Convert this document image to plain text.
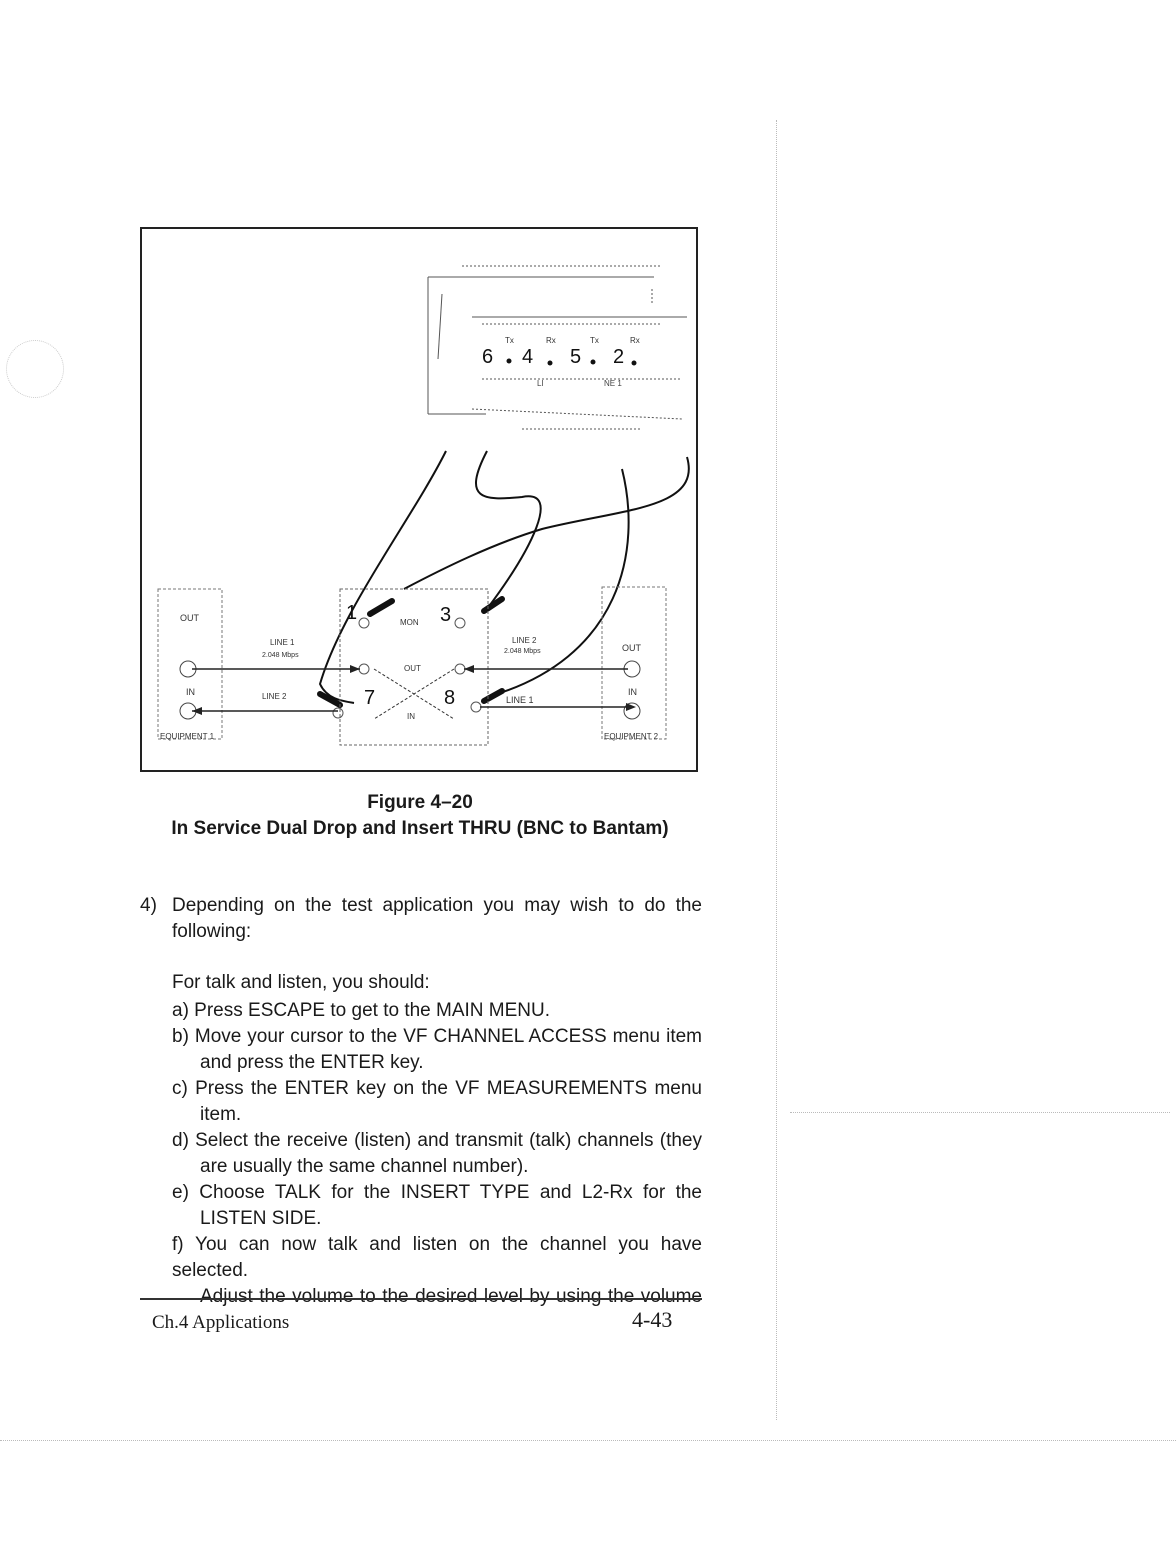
Tx	Rx	Tx	Rx
6 4 5 2
LI	NE 1
1	3
MON
OUT
7	8
IN
OUT
IN
EQUIPMENT 1
OUT
IN
EQUIPMENT 2
LINE 1
2.048 Mbps
LINE 2
LINE 2
2.048 Mbps
LINE 1
Figure 4–20
In Service Dual Drop and Insert THRU (BNC to Bantam)
4) Depending on the test application you may wish to do the
following:
For talk and listen, you should:
a) Press ESCAPE to get to the MAIN MENU.
b) Move your cursor to the VF CHANNEL ACCESS menu item
and press the ENTER key.
c) Press the ENTER key on the VF MEASUREMENTS menu
item.
d) Select the receive (listen) and transmit (talk) channels (they
are usually the same channel number).
e) Choose TALK for the INSERT TYPE and L2-Rx for the
LISTEN SIDE.
f) You can now talk and listen on the channel you have selected.
Adjust the volume to the desired level by using the volume
Ch.4 Applications	4-43
